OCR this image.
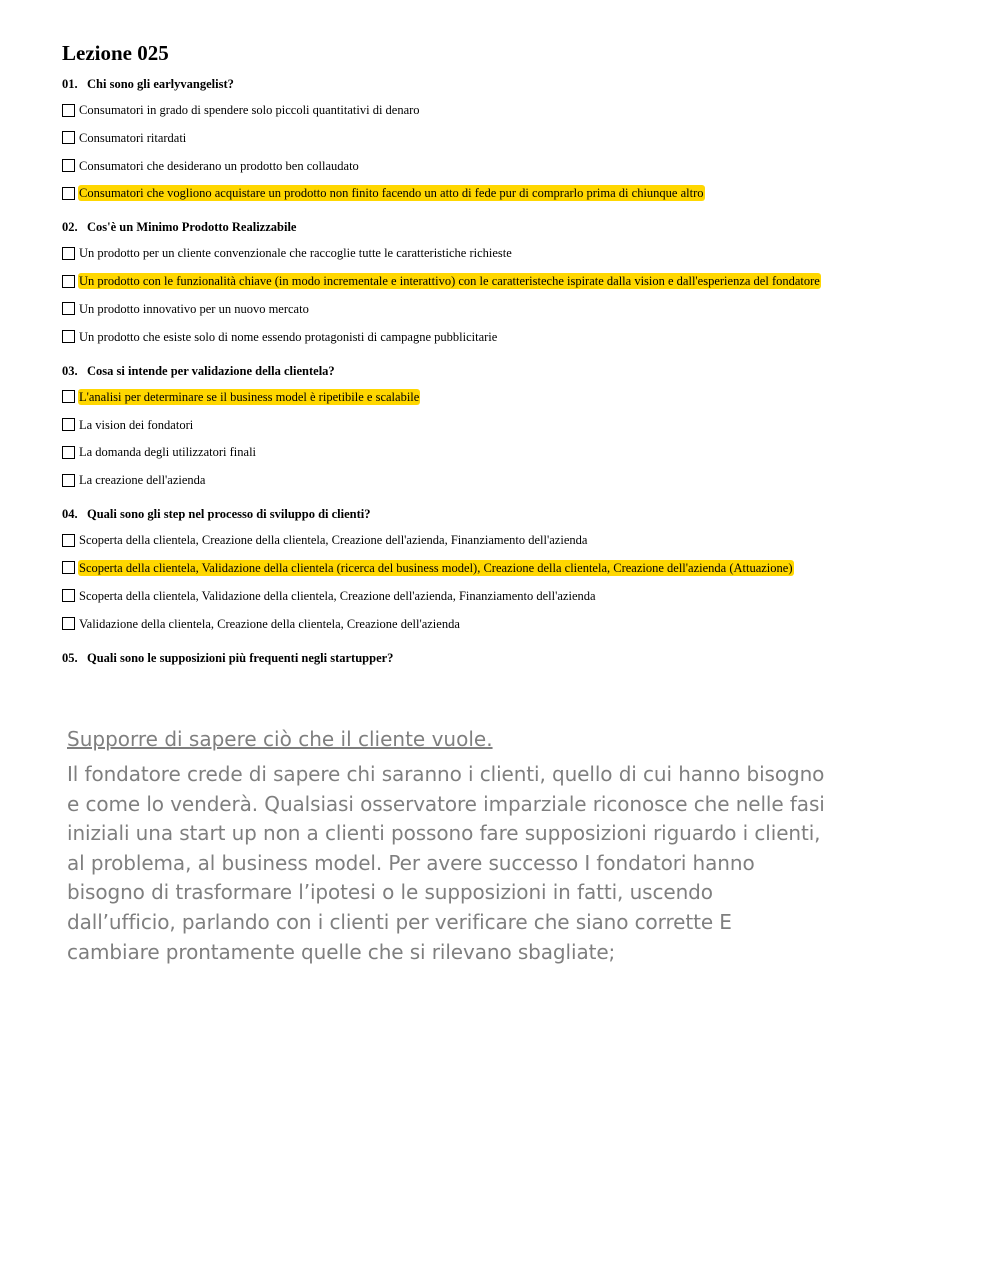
Lezione 025
01. Chi sono gli earlyvangelist?
Consumatori in grado di spendere solo piccoli quantitativi di denaro
Consumatori ritardati
Consumatori che desiderano un prodotto ben collaudato
Consumatori che vogliono acquistare un prodotto non finito facendo un atto di fede pur di comprarlo prima di chiunque altro
02. Cos'è un Minimo Prodotto Realizzabile
Un prodotto per un cliente convenzionale che raccoglie tutte le caratteristiche richieste
Un prodotto con le funzionalità chiave (in modo incrementale e interattivo) con le caratteristeche ispirate dalla vision e dall'esperienza del fondatore
Un prodotto innovativo per un nuovo mercato
Un prodotto che esiste solo di nome essendo protagonisti di campagne pubblicitarie
03. Cosa si intende per validazione della clientela?
L'analisi per determinare se il business model è ripetibile e scalabile
La vision dei fondatori
La domanda degli utilizzatori finali
La creazione dell'azienda
04. Quali sono gli step nel processo di sviluppo di clienti?
Scoperta della clientela, Creazione della clientela, Creazione dell'azienda, Finanziamento dell'azienda
Scoperta della clientela, Validazione della clientela (ricerca del business model), Creazione della clientela, Creazione dell'azienda (Attuazione)
Scoperta della clientela, Validazione della clientela, Creazione dell'azienda, Finanziamento dell'azienda
Validazione della clientela, Creazione della clientela, Creazione dell'azienda
05. Quali sono le supposizioni più frequenti negli startupper?

Supporre di sapere ciò che il cliente vuole.

Il fondatore crede di sapere chi saranno i clienti, quello di cui hanno bisogno e come lo venderà. Qualsiasi osservatore imparziale riconosce che nelle fasi iniziali una start up non a clienti possono fare supposizioni riguardo i clienti, al problema, al business model. Per avere successo I fondatori hanno bisogno di trasformare l’ipotesi o le supposizioni in fatti, uscendo dall’ufficio, parlando con i clienti per verificare che siano corrette E cambiare prontamente quelle che si rilevano sbagliate;
